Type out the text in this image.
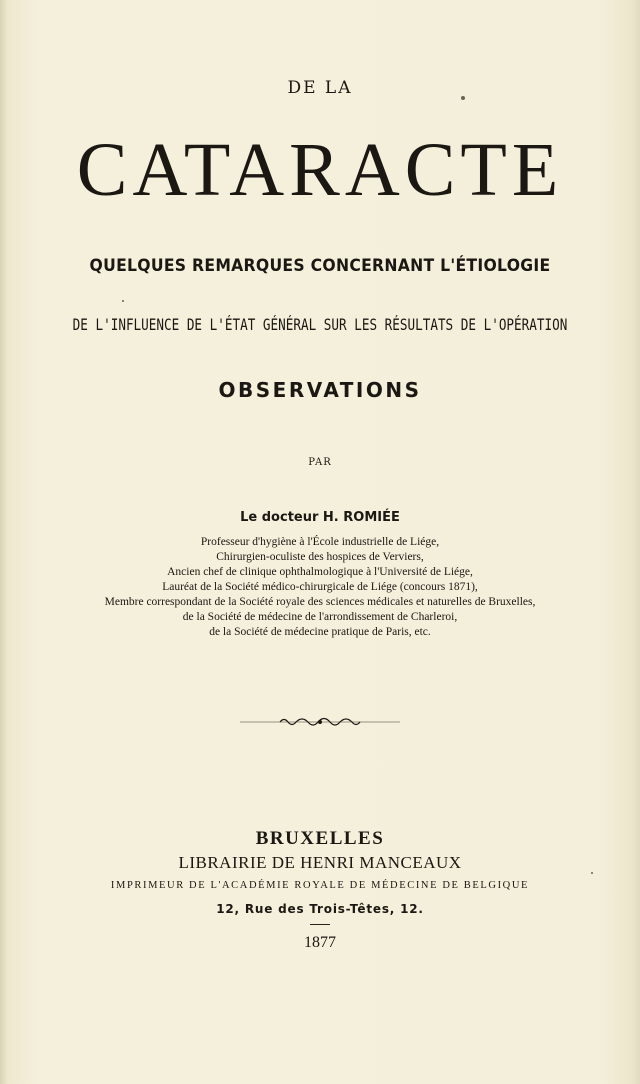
DE LA
CATARACTE
QUELQUES REMARQUES CONCERNANT L'ÉTIOLOGIE
DE L'INFLUENCE DE L'ÉTAT GÉNÉRAL SUR LES RÉSULTATS DE L'OPÉRATION
OBSERVATIONS
PAR
Le docteur H. ROMIÉE
Professeur d'hygiène à l'École industrielle de Liége,
Chirurgien-oculiste des hospices de Verviers,
Ancien chef de clinique ophthalmologique à l'Université de Liége,
Lauréat de la Société médico-chirurgicale de Liége (concours 1871),
Membre correspondant de la Société royale des sciences médicales et naturelles de Bruxelles,
de la Société de médecine de l'arrondissement de Charleroi,
de la Société de médecine pratique de Paris, etc.
BRUXELLES
LIBRAIRIE DE HENRI MANCEAUX
IMPRIMEUR DE L'ACADÉMIE ROYALE DE MÉDECINE DE BELGIQUE
12, Rue des Trois-Têtes, 12.
1877
